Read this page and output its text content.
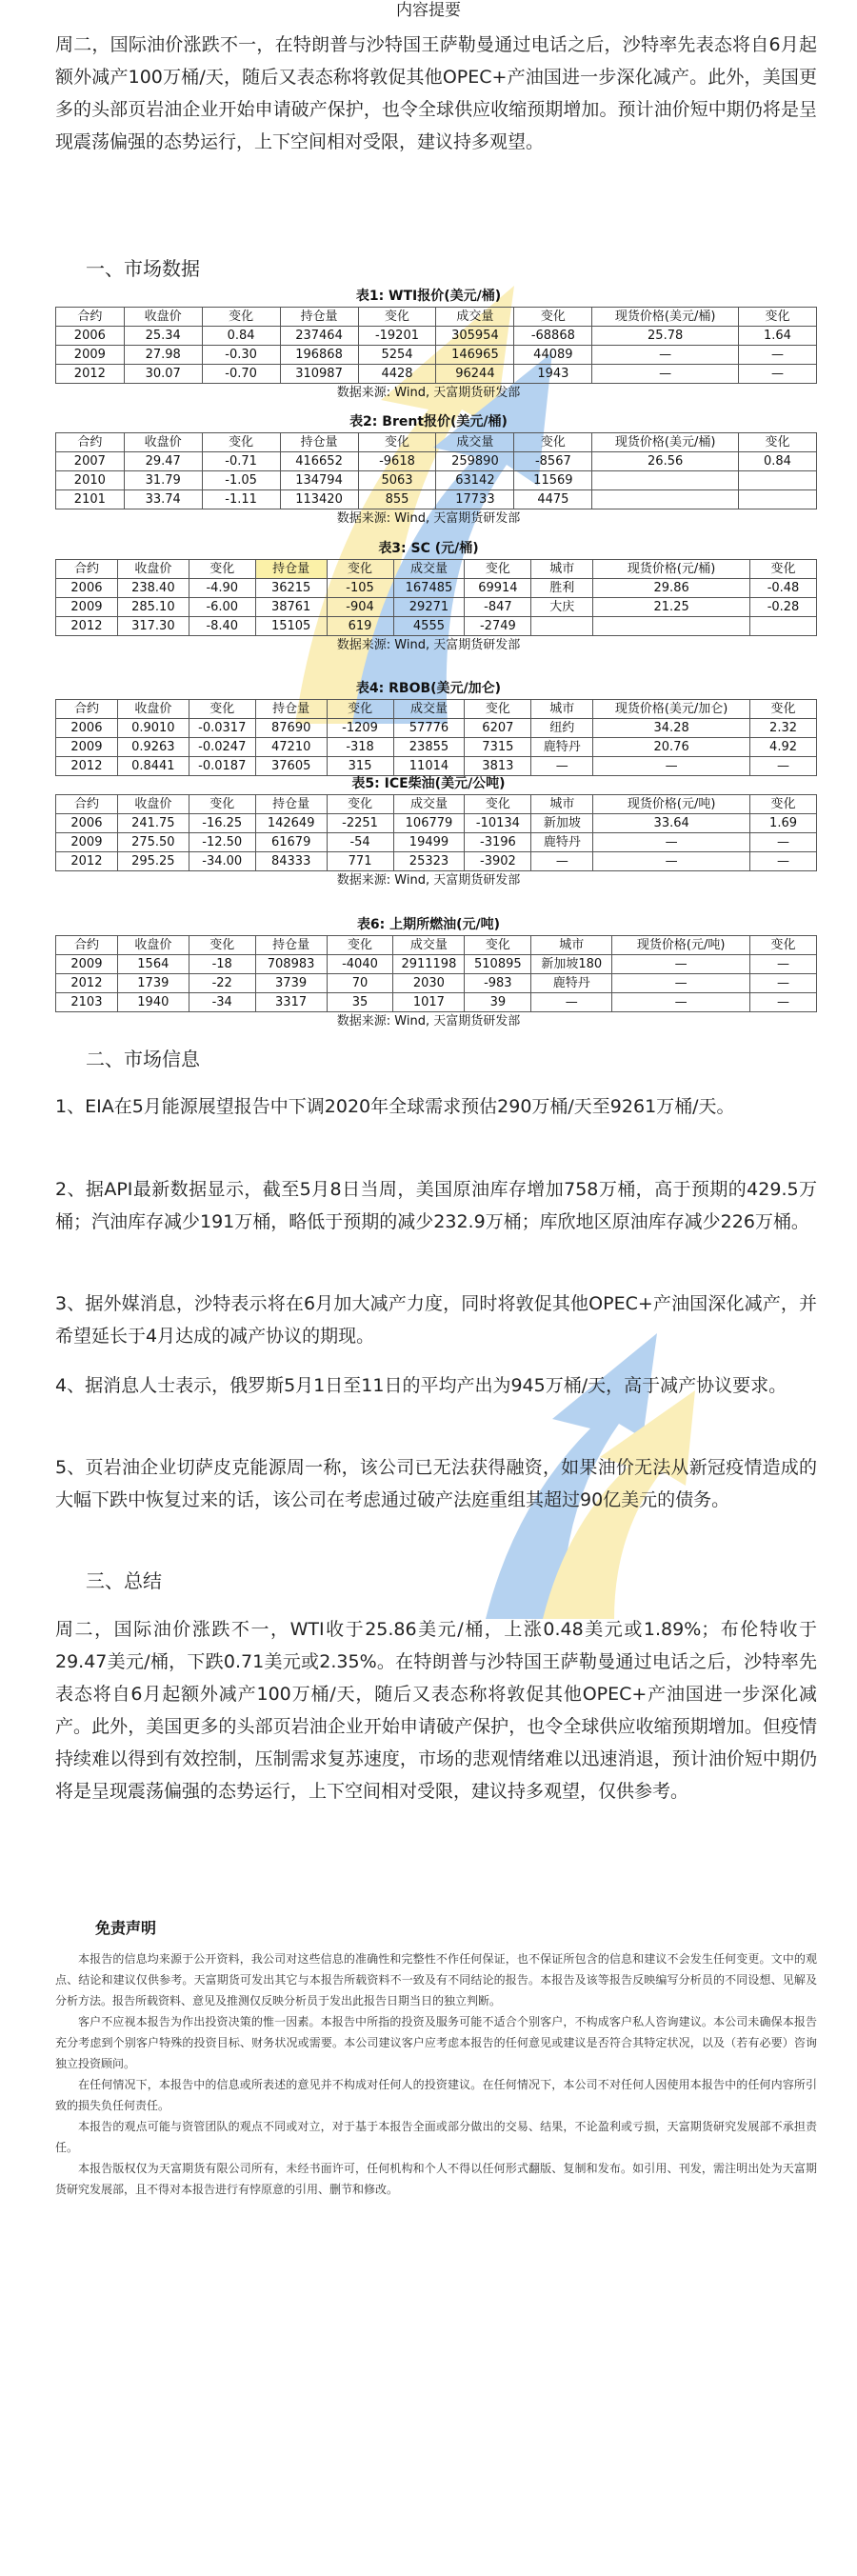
内容提要
周二，国际油价涨跌不一，在特朗普与沙特国王萨勒曼通过电话之后，沙特率先表态将自6月起额外减产100万桶/天，随后又表态称将敦促其他OPEC+产油国进一步深化减产。此外，美国更多的头部页岩油企业开始申请破产保护，也令全球供应收缩预期增加。预计油价短中期仍将是呈现震荡偏强的态势运行，上下空间相对受限，建议持多观望。
一、市场数据
表1: WTI报价(美元/桶)
合约	收盘价	变化	持仓量	变化	成交量	变化	现货价格(美元/桶)	变化
2006	25.34	0.84	237464	-19201	305954	-68868	25.78	1.64
2009	27.98	-0.30	196868	5254	146965	44089	—	—
2012	30.07	-0.70	310987	4428	96244	1943	—	—
数据来源: Wind, 天富期货研发部
表2: Brent报价(美元/桶)
合约	收盘价	变化	持仓量	变化	成交量	变化	现货价格(美元/桶)	变化
2007	29.47	-0.71	416652	-9618	259890	-8567	26.56	0.84
2010	31.79	-1.05	134794	5063	63142	11569		
2101	33.74	-1.11	113420	855	17733	4475		
数据来源: Wind, 天富期货研发部
表3: SC (元/桶)
合约	收盘价	变化	持仓量	变化	成交量	变化	城市	现货价格(元/桶)	变化
2006	238.40	-4.90	36215	-105	167485	69914	胜利	29.86	-0.48
2009	285.10	-6.00	38761	-904	29271	-847	大庆	21.25	-0.28
2012	317.30	-8.40	15105	619	4555	-2749			
数据来源: Wind, 天富期货研发部
表4: RBOB(美元/加仑)
合约	收盘价	变化	持仓量	变化	成交量	变化	城市	现货价格(美元/加仑)	变化
2006	0.9010	-0.0317	87690	-1209	57776	6207	纽约	34.28	2.32
2009	0.9263	-0.0247	47210	-318	23855	7315	鹿特丹	20.76	4.92
2012	0.8441	-0.0187	37605	315	11014	3813	—	—	—
表5: ICE柴油(美元/公吨)
合约	收盘价	变化	持仓量	变化	成交量	变化	城市	现货价格(元/吨)	变化
2006	241.75	-16.25	142649	-2251	106779	-10134	新加坡	33.64	1.69
2009	275.50	-12.50	61679	-54	19499	-3196	鹿特丹	—	—
2012	295.25	-34.00	84333	771	25323	-3902	—	—	—
数据来源: Wind, 天富期货研发部
表6: 上期所燃油(元/吨)
合约	收盘价	变化	持仓量	变化	成交量	变化	城市	现货价格(元/吨)	变化
2009	1564	-18	708983	-4040	2911198	510895	新加坡180	—	—
2012	1739	-22	3739	70	2030	-983	鹿特丹	—	—
2103	1940	-34	3317	35	1017	39	—	—	—
数据来源: Wind, 天富期货研发部
二、市场信息
1、EIA在5月能源展望报告中下调2020年全球需求预估290万桶/天至9261万桶/天。
2、据API最新数据显示，截至5月8日当周，美国原油库存增加758万桶，高于预期的429.5万桶；汽油库存减少191万桶，略低于预期的减少232.9万桶；库欣地区原油库存减少226万桶。
3、据外媒消息，沙特表示将在6月加大减产力度，同时将敦促其他OPEC+产油国深化减产，并希望延长于4月达成的减产协议的期现。
4、据消息人士表示，俄罗斯5月1日至11日的平均产出为945万桶/天，高于减产协议要求。
5、页岩油企业切萨皮克能源周一称，该公司已无法获得融资，如果油价无法从新冠疫情造成的大幅下跌中恢复过来的话，该公司在考虑通过破产法庭重组其超过90亿美元的债务。
三、总结
周二，国际油价涨跌不一，WTI收于25.86美元/桶，上涨0.48美元或1.89%；布伦特收于29.47美元/桶，下跌0.71美元或2.35%。在特朗普与沙特国王萨勒曼通过电话之后，沙特率先表态将自6月起额外减产100万桶/天，随后又表态称将敦促其他OPEC+产油国进一步深化减产。此外，美国更多的头部页岩油企业开始申请破产保护，也令全球供应收缩预期增加。但疫情持续难以得到有效控制，压制需求复苏速度，市场的悲观情绪难以迅速消退，预计油价短中期仍将是呈现震荡偏强的态势运行，上下空间相对受限，建议持多观望，仅供参考。
免责声明

本报告的信息均来源于公开资料，我公司对这些信息的准确性和完整性不作任何保证，也不保证所包含的信息和建议不会发生任何变更。文中的观点、结论和建议仅供参考。天富期货可发出其它与本报告所载资料不一致及有不同结论的报告。本报告及该等报告反映编写分析员的不同设想、见解及分析方法。报告所载资料、意见及推测仅反映分析员于发出此报告日期当日的独立判断。

客户不应视本报告为作出投资决策的惟一因素。本报告中所指的投资及服务可能不适合个别客户，不构成客户私人咨询建议。本公司未确保本报告充分考虑到个别客户特殊的投资目标、财务状况或需要。本公司建议客户应考虑本报告的任何意见或建议是否符合其特定状况，以及（若有必要）咨询独立投资顾问。

在任何情况下，本报告中的信息或所表述的意见并不构成对任何人的投资建议。在任何情况下，本公司不对任何人因使用本报告中的任何内容所引致的损失负任何责任。

本报告的观点可能与资管团队的观点不同或对立，对于基于本报告全面或部分做出的交易、结果，不论盈利或亏损，天富期货研究发展部不承担责任。

本报告版权仅为天富期货有限公司所有，未经书面许可，任何机构和个人不得以任何形式翻版、复制和发布。如引用、刊发，需注明出处为天富期货研究发展部，且不得对本报告进行有悖原意的引用、删节和修改。
